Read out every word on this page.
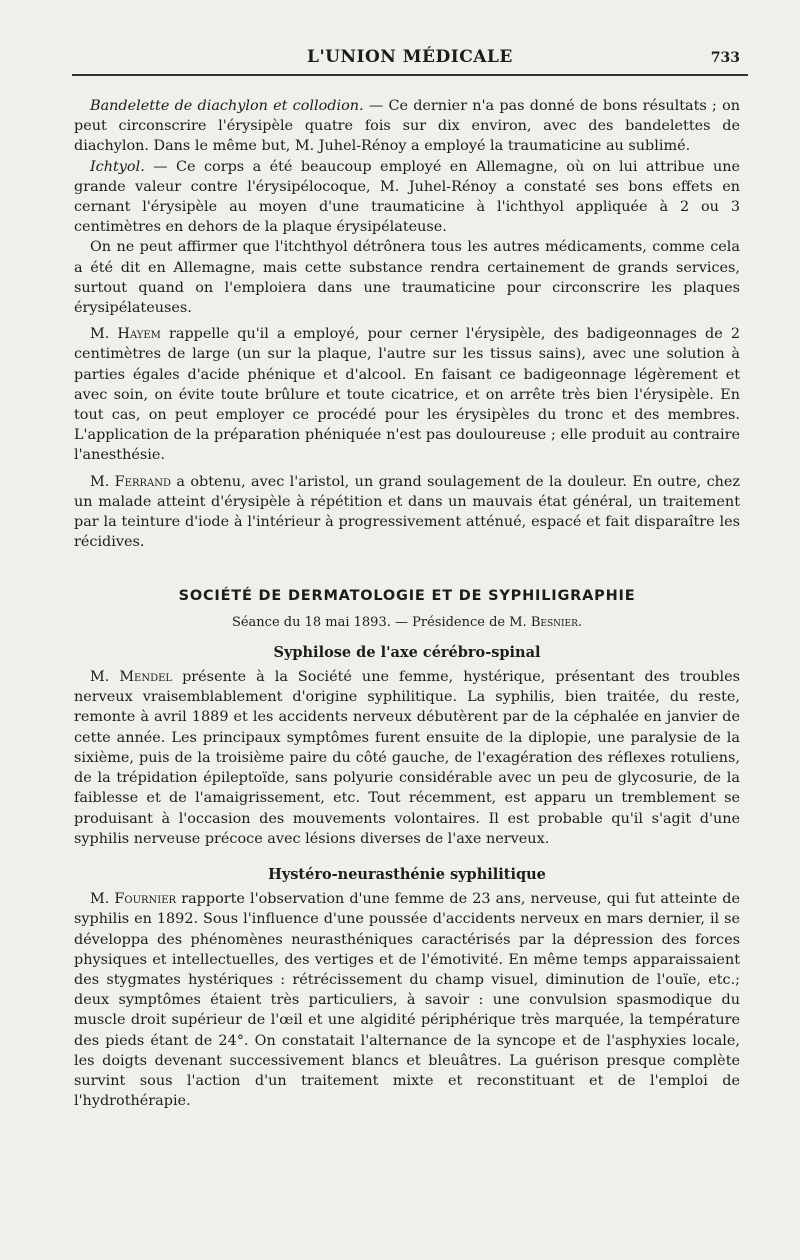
L'UNION MÉDICALE	733

Bandelette de diachylon et collodion. — Ce dernier n'a pas donné de bons résultats ; on peut circonscrire l'érysipèle quatre fois sur dix environ, avec des bandelettes de diachylon. Dans le même but, M. Juhel-Rénoy a employé la traumaticine au sublimé.

Ichtyol. — Ce corps a été beaucoup employé en Allemagne, où on lui attribue une grande valeur contre l'érysipélocoque, M. Juhel-Rénoy a constaté ses bons effets en cernant l'érysipèle au moyen d'une traumaticine à l'ichthyol appliquée à 2 ou 3 centimètres en dehors de la plaque érysipélateuse.

On ne peut affirmer que l'itchthyol détrônera tous les autres médicaments, comme cela a été dit en Allemagne, mais cette substance rendra certainement de grands services, surtout quand on l'emploiera dans une traumaticine pour circonscrire les plaques érysipélateuses.

M. Hayem rappelle qu'il a employé, pour cerner l'érysipèle, des badigeonnages de 2 centimètres de large (un sur la plaque, l'autre sur les tissus sains), avec une solution à parties égales d'acide phénique et d'alcool. En faisant ce badigeonnage légèrement et avec soin, on évite toute brûlure et toute cicatrice, et on arrête très bien l'érysipèle. En tout cas, on peut employer ce procédé pour les érysipèles du tronc et des membres. L'application de la préparation phéniquée n'est pas douloureuse ; elle produit au contraire l'anesthésie.

M. Ferrand a obtenu, avec l'aristol, un grand soulagement de la douleur. En outre, chez un malade atteint d'érysipèle à répétition et dans un mauvais état général, un traitement par la teinture d'iode à l'intérieur à progressivement atténué, espacé et fait disparaître les récidives.

SOCIÉTÉ DE DERMATOLOGIE ET DE SYPHILIGRAPHIE
Séance du 18 mai 1893. — Présidence de M. Besnier.
Syphilose de l'axe cérébro-spinal

M. Mendel présente à la Société une femme, hystérique, présentant des troubles nerveux vraisemblablement d'origine syphilitique. La syphilis, bien traitée, du reste, remonte à avril 1889 et les accidents nerveux débutèrent par de la céphalée en janvier de cette année. Les principaux symptômes furent ensuite de la diplopie, une paralysie de la sixième, puis de la troisième paire du côté gauche, de l'exagération des réflexes rotuliens, de la trépidation épileptoïde, sans polyurie considérable avec un peu de glycosurie, de la faiblesse et de l'amaigrissement, etc. Tout récemment, est apparu un tremblement se produisant à l'occasion des mouvements volontaires. Il est probable qu'il s'agit d'une syphilis nerveuse précoce avec lésions diverses de l'axe nerveux.

Hystéro-neurasthénie syphilitique

M. Fournier rapporte l'observation d'une femme de 23 ans, nerveuse, qui fut atteinte de syphilis en 1892. Sous l'influence d'une poussée d'accidents nerveux en mars dernier, il se développa des phénomènes neurasthéniques caractérisés par la dépression des forces physiques et intellectuelles, des vertiges et de l'émotivité. En même temps apparaissaient des stygmates hystériques : rétrécissement du champ visuel, diminution de l'ouïe, etc.; deux symptômes étaient très particuliers, à savoir : une convulsion spasmodique du muscle droit supérieur de l'œil et une algidité périphérique très marquée, la température des pieds étant de 24°. On constatait l'alternance de la syncope et de l'asphyxies locale, les doigts devenant successivement blancs et bleuâtres. La guérison presque complète survint sous l'action d'un traitement mixte et reconstituant et de l'emploi de l'hydrothérapie.
